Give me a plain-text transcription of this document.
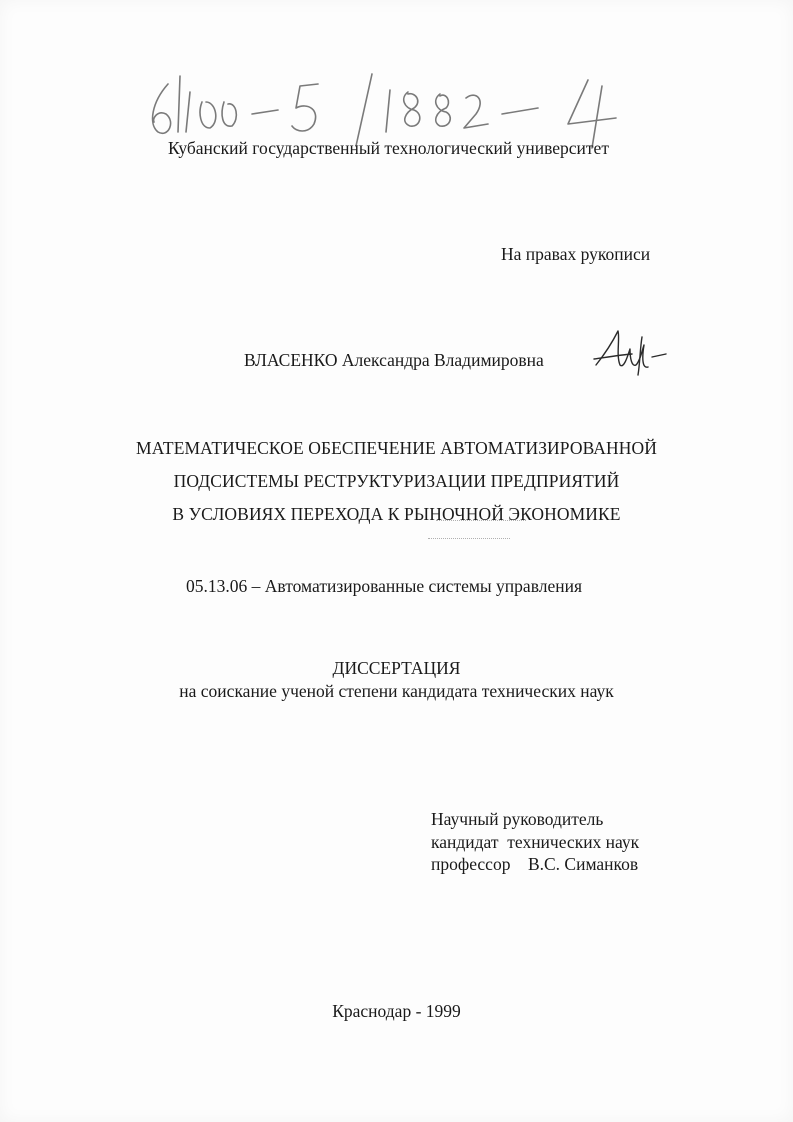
61:00-5/1882-4
Кубанский государственный технологический университет
На правах рукописи
ВЛАСЕНКО Александра Владимировна
МАТЕМАТИЧЕСКОЕ ОБЕСПЕЧЕНИЕ АВТОМАТИЗИРОВАННОЙ
ПОДСИСТЕМЫ РЕСТРУКТУРИЗАЦИИ ПРЕДПРИЯТИЙ
В УСЛОВИЯХ ПЕРЕХОДА К РЫНОЧНОЙ ЭКОНОМИКЕ
05.13.06 – Автоматизированные системы управления
ДИССЕРТАЦИЯ
на соискание ученой степени кандидата технических наук
Научный руководитель
кандидат  технических наук
профессор    В.С. Симанков
Краснодар - 1999
